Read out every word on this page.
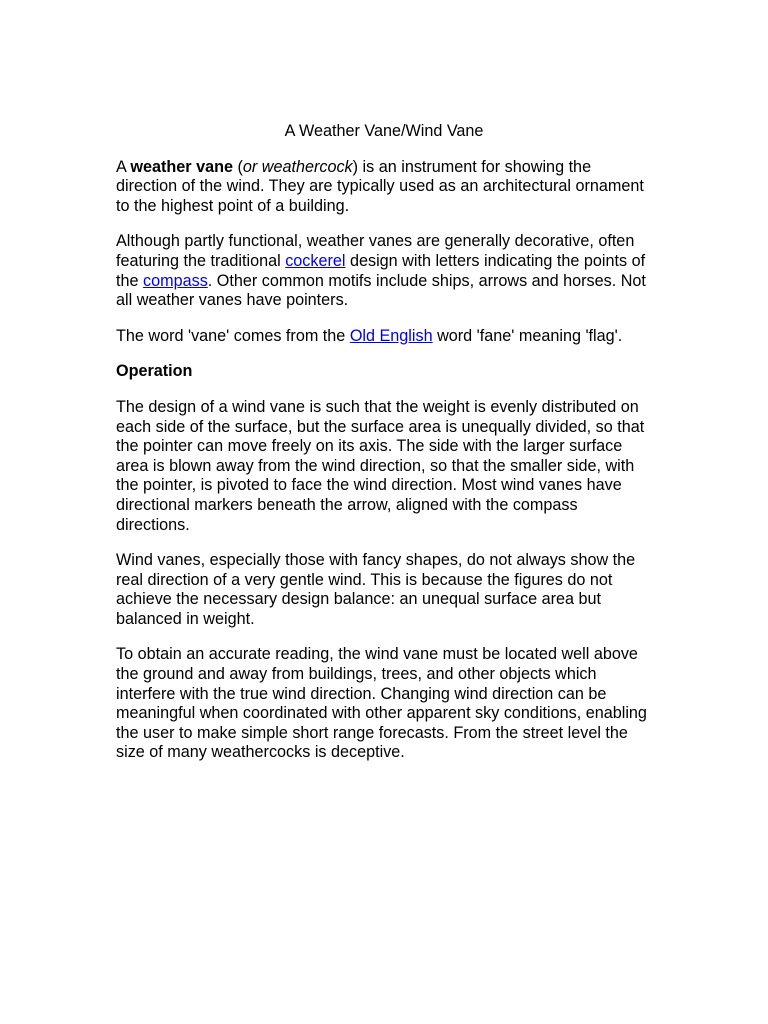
A Weather Vane/Wind Vane

A weather vane (or weathercock) is an instrument for showing the direction of the wind. They are typically used as an architectural ornament to the highest point of a building.

Although partly functional, weather vanes are generally decorative, often featuring the traditional cockerel design with letters indicating the points of the compass. Other common motifs include ships, arrows and horses. Not all weather vanes have pointers.

The word 'vane' comes from the Old English word 'fane' meaning 'flag'.

Operation

The design of a wind vane is such that the weight is evenly distributed on each side of the surface, but the surface area is unequally divided, so that the pointer can move freely on its axis. The side with the larger surface area is blown away from the wind direction, so that the smaller side, with the pointer, is pivoted to face the wind direction. Most wind vanes have directional markers beneath the arrow, aligned with the compass directions.

Wind vanes, especially those with fancy shapes, do not always show the real direction of a very gentle wind. This is because the figures do not achieve the necessary design balance: an unequal surface area but balanced in weight.

To obtain an accurate reading, the wind vane must be located well above the ground and away from buildings, trees, and other objects which interfere with the true wind direction. Changing wind direction can be meaningful when coordinated with other apparent sky conditions, enabling the user to make simple short range forecasts. From the street level the size of many weathercocks is deceptive.
